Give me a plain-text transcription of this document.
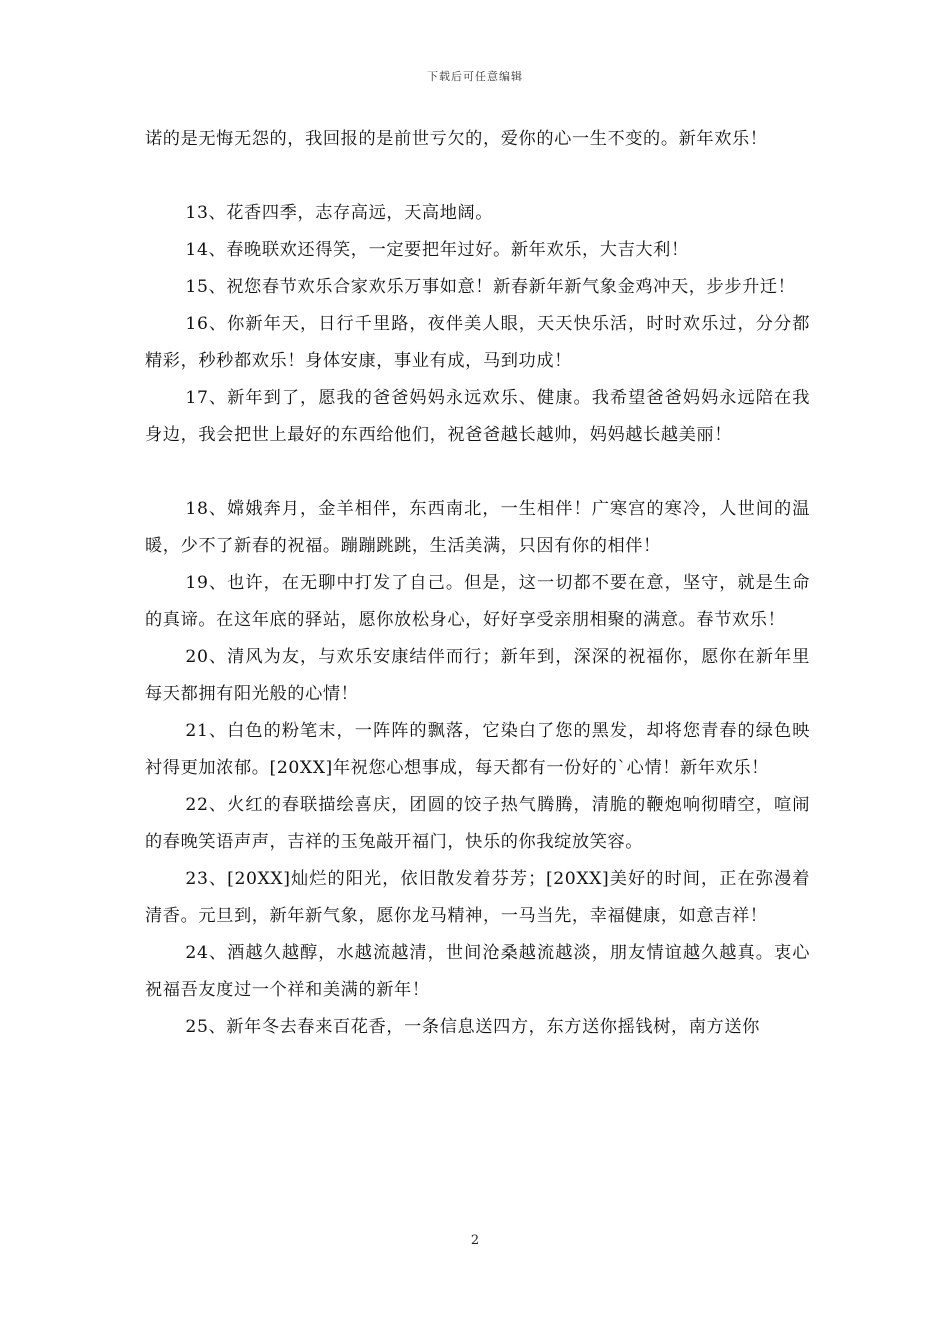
下载后可任意编辑

诺的是无悔无怨的，我回报的是前世亏欠的，爱你的心一生不变的。新年欢乐！

13、花香四季，志存高远，天高地阔。

14、春晚联欢还得笑，一定要把年过好。新年欢乐，大吉大利！

15、祝您春节欢乐合家欢乐万事如意！新春新年新气象金鸡冲天，步步升迁！

16、你新年天，日行千里路，夜伴美人眼，天天快乐活，时时欢乐过，分分都精彩，秒秒都欢乐！身体安康，事业有成，马到功成！

17、新年到了，愿我的爸爸妈妈永远欢乐、健康。我希望爸爸妈妈永远陪在我身边，我会把世上最好的东西给他们，祝爸爸越长越帅，妈妈越长越美丽！

18、嫦娥奔月，金羊相伴，东西南北，一生相伴！广寒宫的寒冷，人世间的温暖，少不了新春的祝福。蹦蹦跳跳，生活美满，只因有你的相伴！

19、也许，在无聊中打发了自己。但是，这一切都不要在意，坚守，就是生命的真谛。在这年底的驿站，愿你放松身心，好好享受亲朋相聚的满意。春节欢乐！

20、清风为友，与欢乐安康结伴而行；新年到，深深的祝福你，愿你在新年里每天都拥有阳光般的心情！

21、白色的粉笔末，一阵阵的飘落，它染白了您的黑发，却将您青春的绿色映衬得更加浓郁。[20XX]年祝您心想事成，每天都有一份好的`心情！新年欢乐！

22、火红的春联描绘喜庆，团圆的饺子热气腾腾，清脆的鞭炮响彻晴空，喧闹的春晚笑语声声，吉祥的玉兔敲开福门，快乐的你我绽放笑容。

23、[20XX]灿烂的阳光，依旧散发着芬芳；[20XX]美好的时间，正在弥漫着清香。元旦到，新年新气象，愿你龙马精神，一马当先，幸福健康，如意吉祥！

24、酒越久越醇，水越流越清，世间沧桑越流越淡，朋友情谊越久越真。衷心祝福吾友度过一个祥和美满的新年！

25、新年冬去春来百花香，一条信息送四方，东方送你摇钱树，南方送你

2
